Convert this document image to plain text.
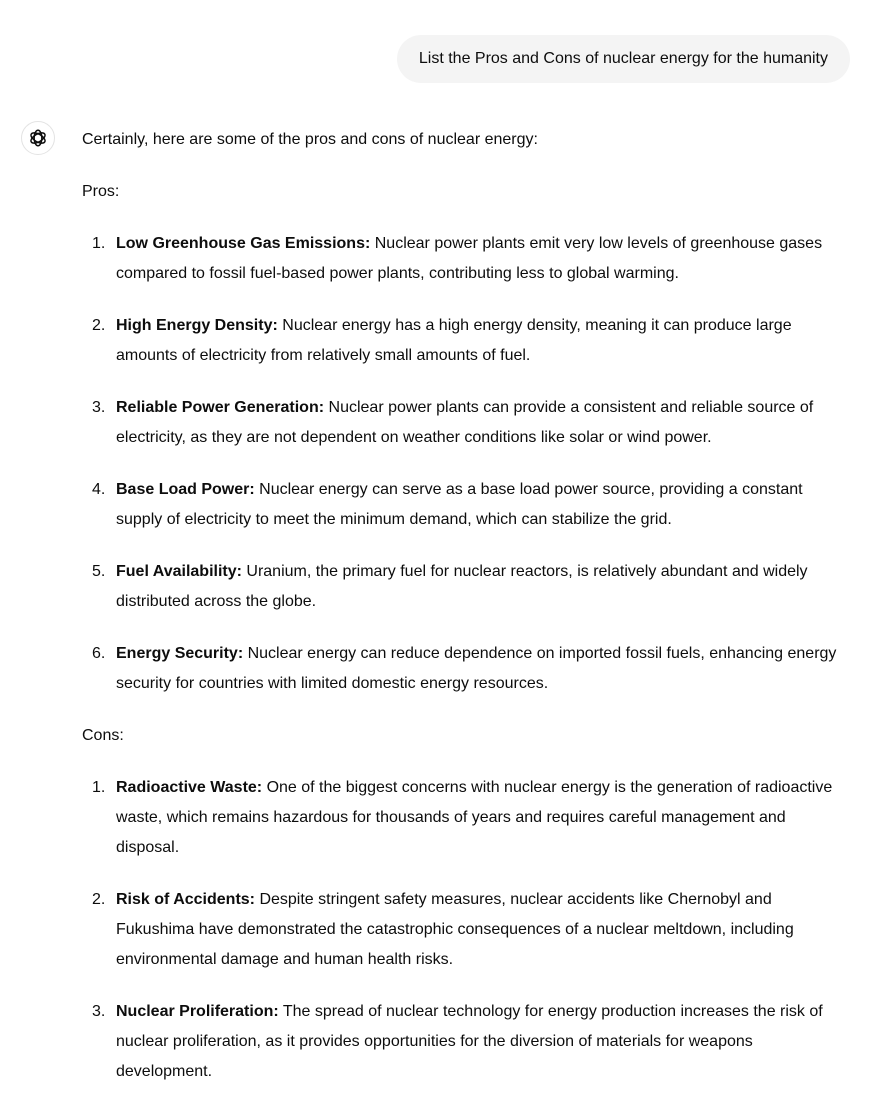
List the Pros and Cons of nuclear energy for the humanity

Certainly, here are some of the pros and cons of nuclear energy:

Pros:

1. Low Greenhouse Gas Emissions: Nuclear power plants emit very low levels of greenhouse gases compared to fossil fuel-based power plants, contributing less to global warming.
2. High Energy Density: Nuclear energy has a high energy density, meaning it can produce large amounts of electricity from relatively small amounts of fuel.
3. Reliable Power Generation: Nuclear power plants can provide a consistent and reliable source of electricity, as they are not dependent on weather conditions like solar or wind power.
4. Base Load Power: Nuclear energy can serve as a base load power source, providing a constant supply of electricity to meet the minimum demand, which can stabilize the grid.
5. Fuel Availability: Uranium, the primary fuel for nuclear reactors, is relatively abundant and widely distributed across the globe.
6. Energy Security: Nuclear energy can reduce dependence on imported fossil fuels, enhancing energy security for countries with limited domestic energy resources.

Cons:

1. Radioactive Waste: One of the biggest concerns with nuclear energy is the generation of radioactive waste, which remains hazardous for thousands of years and requires careful management and disposal.
2. Risk of Accidents: Despite stringent safety measures, nuclear accidents like Chernobyl and Fukushima have demonstrated the catastrophic consequences of a nuclear meltdown, including environmental damage and human health risks.
3. Nuclear Proliferation: The spread of nuclear technology for energy production increases the risk of nuclear proliferation, as it provides opportunities for the diversion of materials for weapons development.
